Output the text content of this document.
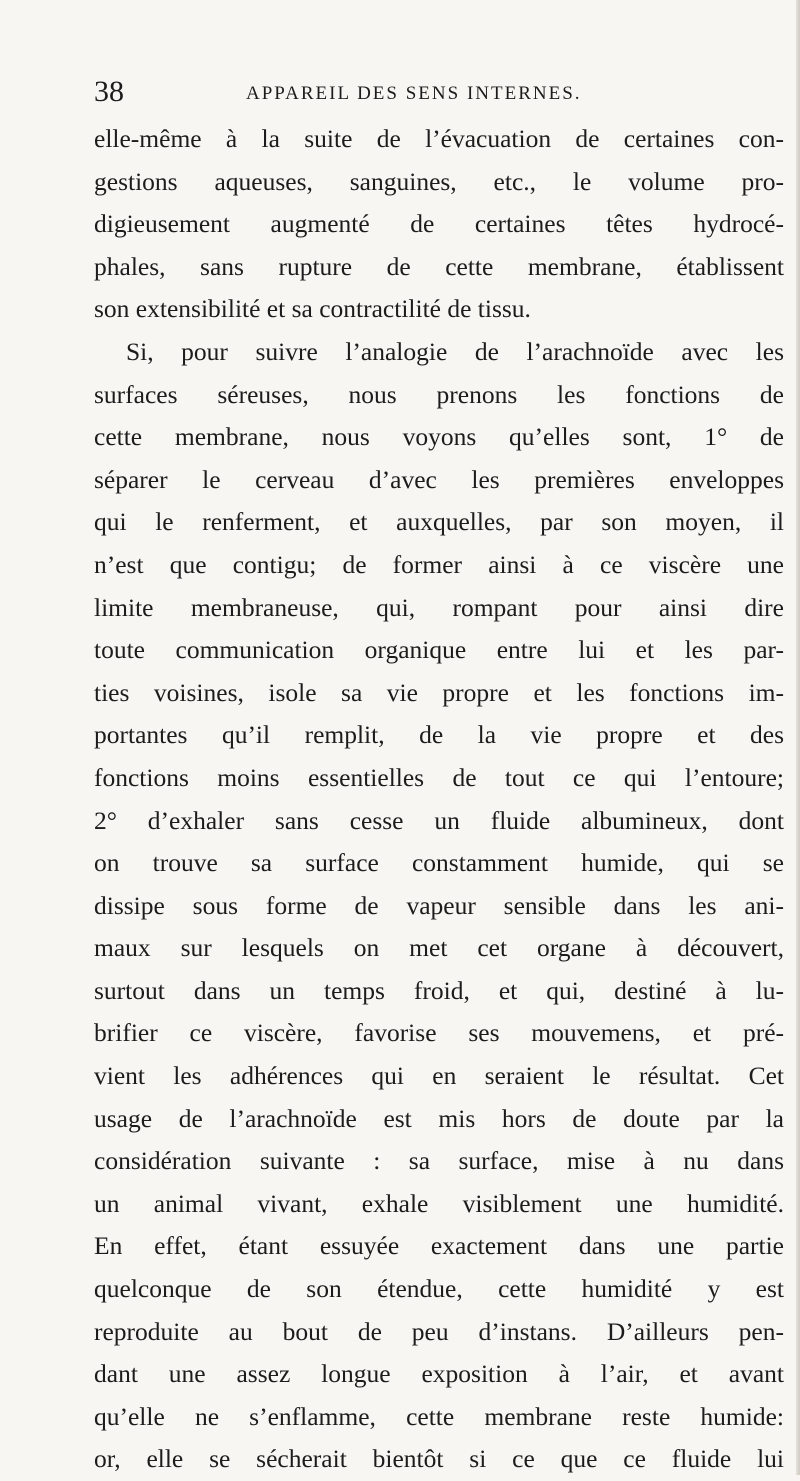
38	APPAREIL DES SENS INTERNES.
elle-même à la suite de l’évacuation de certaines con-
gestions aqueuses, sanguines, etc., le volume pro-
digieusement augmenté de certaines têtes hydrocé-
phales, sans rupture de cette membrane, établissent
son extensibilité et sa contractilité de tissu.
Si, pour suivre l’analogie de l’arachnoïde avec les
surfaces séreuses, nous prenons les fonctions de
cette membrane, nous voyons qu’elles sont, 1° de
séparer le cerveau d’avec les premières enveloppes
qui le renferment, et auxquelles, par son moyen, il
n’est que contigu; de former ainsi à ce viscère une
limite membraneuse, qui, rompant pour ainsi dire
toute communication organique entre lui et les par-
ties voisines, isole sa vie propre et les fonctions im-
portantes qu’il remplit, de la vie propre et des
fonctions moins essentielles de tout ce qui l’entoure;
2° d’exhaler sans cesse un fluide albumineux, dont
on trouve sa surface constamment humide, qui se
dissipe sous forme de vapeur sensible dans les ani-
maux sur lesquels on met cet organe à découvert,
surtout dans un temps froid, et qui, destiné à lu-
brifier ce viscère, favorise ses mouvemens, et pré-
vient les adhérences qui en seraient le résultat. Cet
usage de l’arachnoïde est mis hors de doute par la
considération suivante : sa surface, mise à nu dans
un animal vivant, exhale visiblement une humidité.
En effet, étant essuyée exactement dans une partie
quelconque de son étendue, cette humidité y est
reproduite au bout de peu d’instans. D’ailleurs pen-
dant une assez longue exposition à l’air, et avant
qu’elle ne s’enflamme, cette membrane reste humide:
or, elle se sécherait bientôt si ce que ce fluide lui
